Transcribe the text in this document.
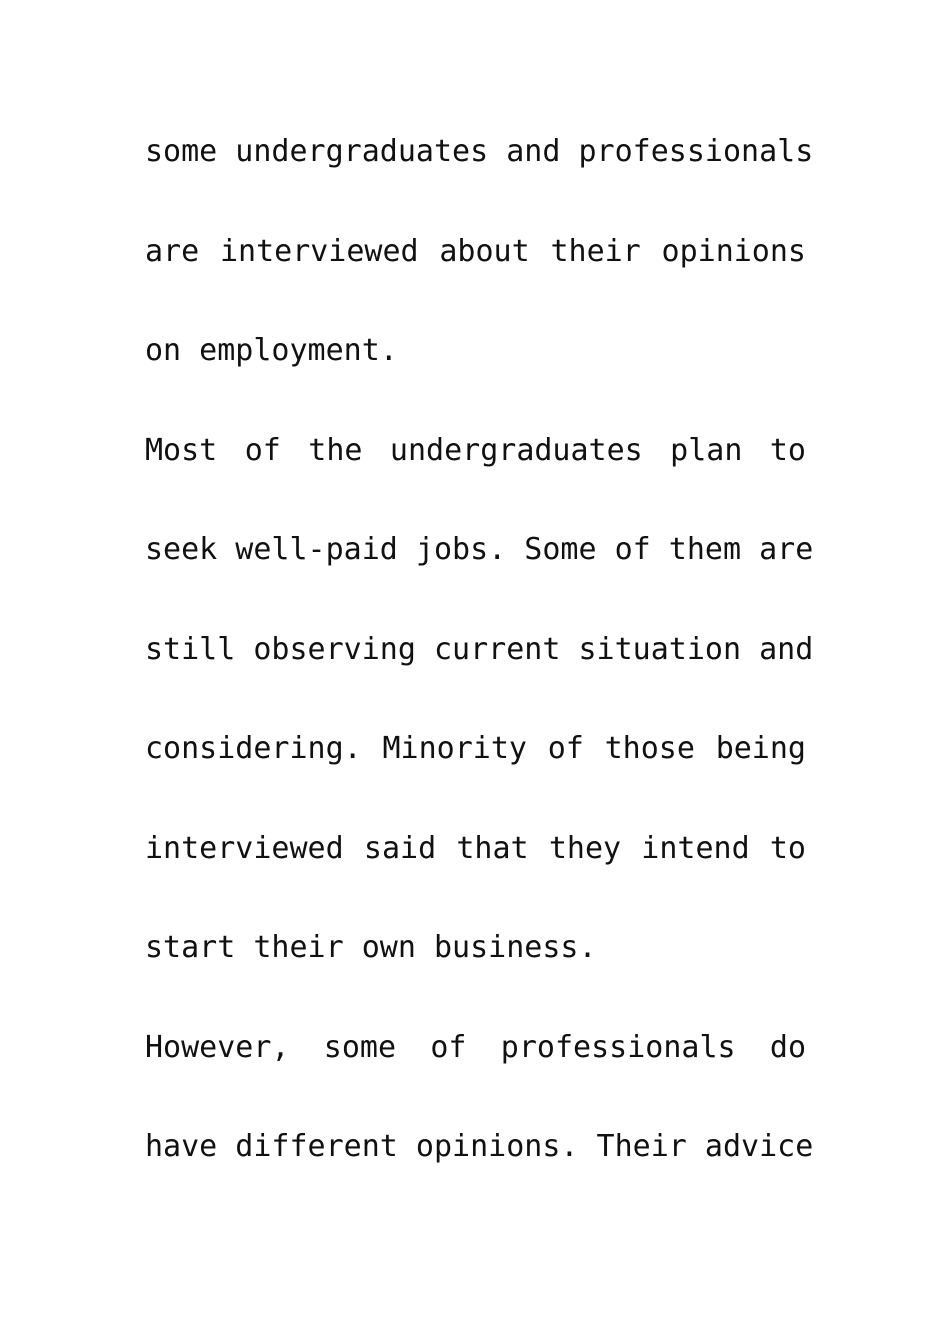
some undergraduates and professionals
are interviewed about their opinions
on employment.
Most of the undergraduates plan to
seek well-paid jobs. Some of them are
still observing current situation and
considering. Minority of those being
interviewed said that they intend to
start their own business.
However, some of professionals do
have different opinions. Their advice
